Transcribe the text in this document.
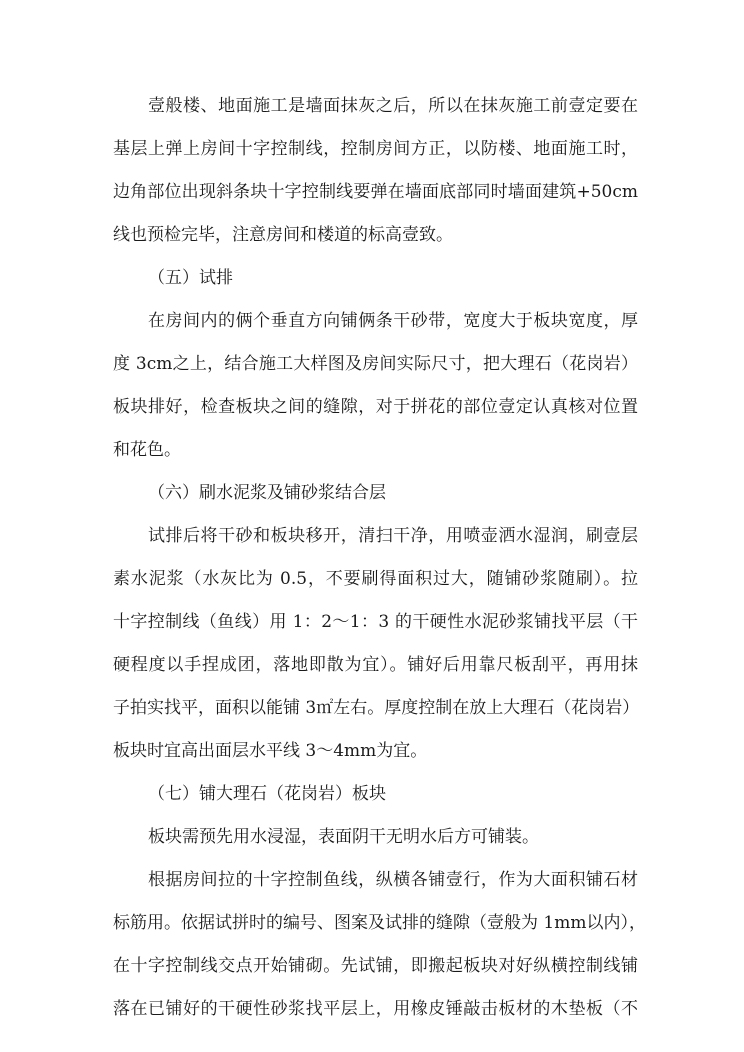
壹般楼、地面施工是墙面抹灰之后，所以在抹灰施工前壹定要在
基层上弹上房间十字控制线，控制房间方正，以防楼、地面施工时，
边角部位出现斜条块十字控制线要弹在墙面底部同时墙面建筑+50cm
线也预检完毕，注意房间和楼道的标高壹致。
（五）试排
在房间内的俩个垂直方向铺俩条干砂带，宽度大于板块宽度，厚
度 3cm之上，结合施工大样图及房间实际尺寸，把大理石（花岗岩）
板块排好，检查板块之间的缝隙，对于拼花的部位壹定认真核对位置
和花色。
（六）刷水泥浆及铺砂浆结合层
试排后将干砂和板块移开，清扫干净，用喷壶洒水湿润，刷壹层
素水泥浆（水灰比为 0.5，不要刷得面积过大，随铺砂浆随刷）。拉
十字控制线（鱼线）用 1：2～1：3 的干硬性水泥砂浆铺找平层（干
硬程度以手捏成团，落地即散为宜）。铺好后用靠尺板刮平，再用抹
子拍实找平，面积以能铺 3㎡左右。厚度控制在放上大理石（花岗岩）
板块时宜高出面层水平线 3～4mm为宜。
（七）铺大理石（花岗岩）板块
板块需预先用水浸湿，表面阴干无明水后方可铺装。
根据房间拉的十字控制鱼线，纵横各铺壹行，作为大面积铺石材
标筋用。依据试拼时的编号、图案及试排的缝隙（壹般为 1mm以内），
在十字控制线交点开始铺砌。先试铺，即搬起板块对好纵横控制线铺
落在已铺好的干硬性砂浆找平层上，用橡皮锤敲击板材的木垫板（不
